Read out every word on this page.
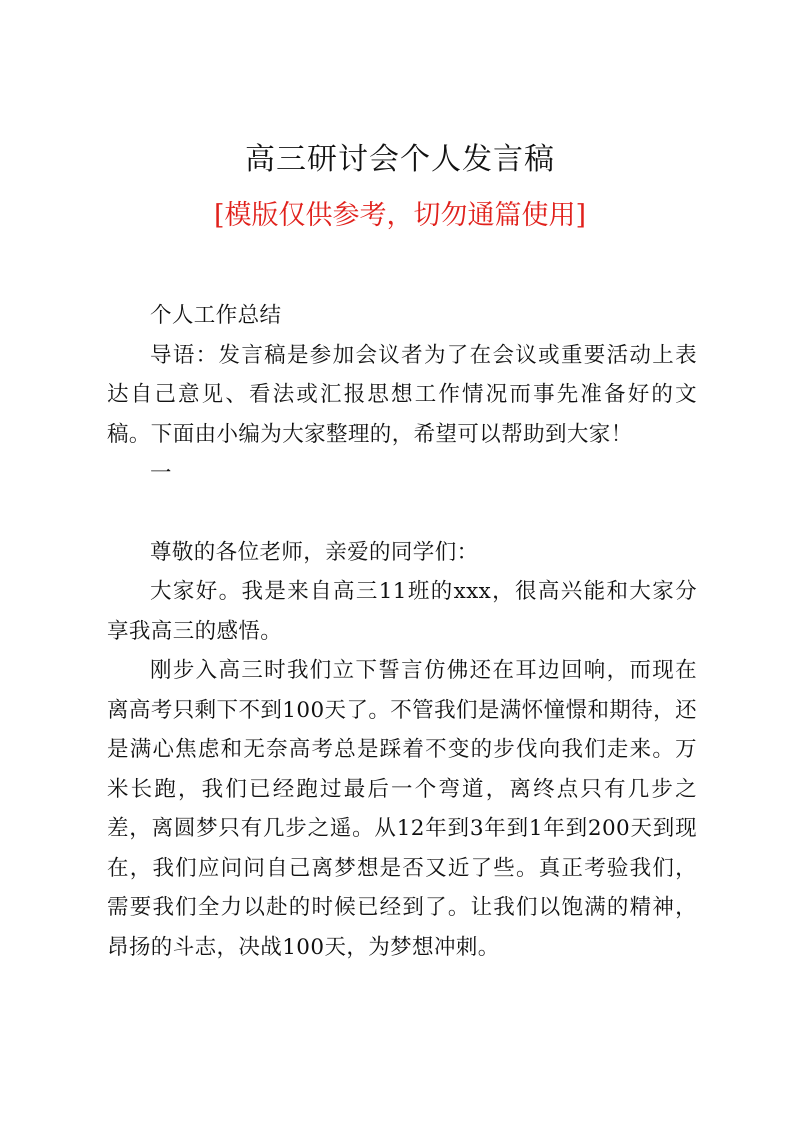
高三研讨会个人发言稿
[模版仅供参考，切勿通篇使用]

个人工作总结

导语：发言稿是参加会议者为了在会议或重要活动上表达自己意见、看法或汇报思想工作情况而事先准备好的文稿。下面由小编为大家整理的，希望可以帮助到大家！

一

尊敬的各位老师，亲爱的同学们：

大家好。我是来自高三11班的xxx，很高兴能和大家分享我高三的感悟。

刚步入高三时我们立下誓言仿佛还在耳边回响，而现在离高考只剩下不到100天了。不管我们是满怀憧憬和期待，还是满心焦虑和无奈高考总是踩着不变的步伐向我们走来。万米长跑，我们已经跑过最后一个弯道，离终点只有几步之差，离圆梦只有几步之遥。从12年到3年到1年到200天到现在，我们应问问自己离梦想是否又近了些。真正考验我们，需要我们全力以赴的时候已经到了。让我们以饱满的精神，昂扬的斗志，决战100天，为梦想冲刺。
